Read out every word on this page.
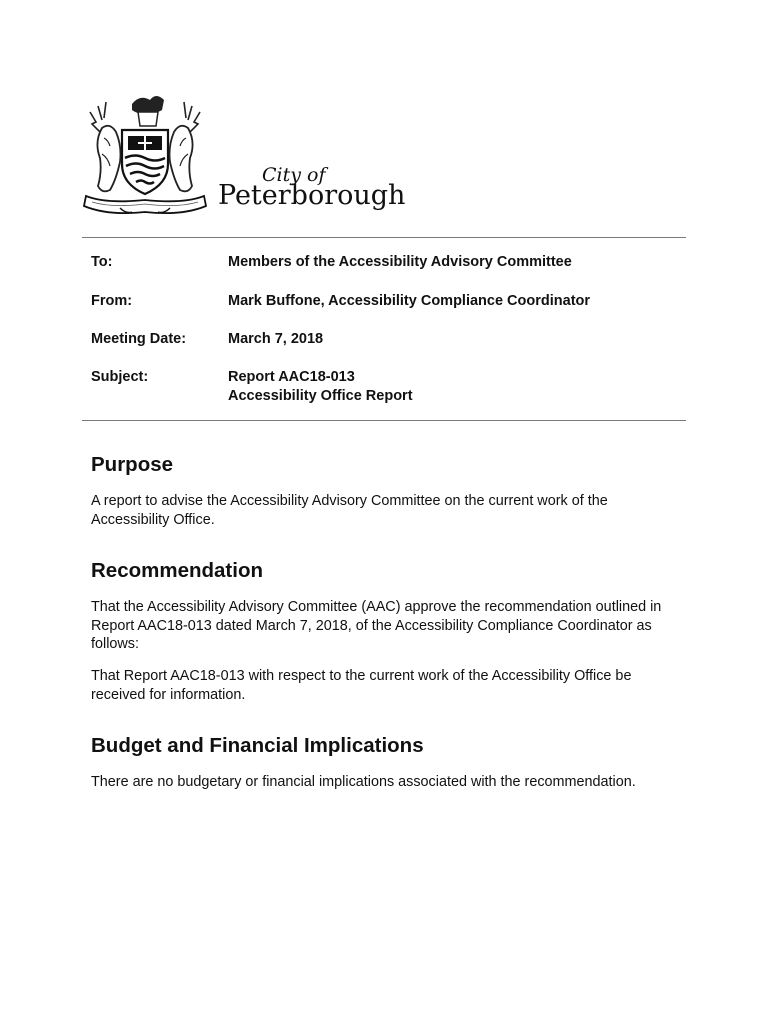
City of
Peterborough
To:	Members of the Accessibility Advisory Committee
From:	Mark Buffone, Accessibility Compliance Coordinator
Meeting Date:	March 7, 2018
Subject:	Report AAC18-013
Accessibility Office Report
Purpose

A report to advise the Accessibility Advisory Committee on the current work of the Accessibility Office.

Recommendation

That the Accessibility Advisory Committee (AAC) approve the recommendation outlined in Report AAC18-013 dated March 7, 2018, of the Accessibility Compliance Coordinator as follows:

That Report AAC18-013 with respect to the current work of the Accessibility Office be received for information.

Budget and Financial Implications

There are no budgetary or financial implications associated with the recommendation.
